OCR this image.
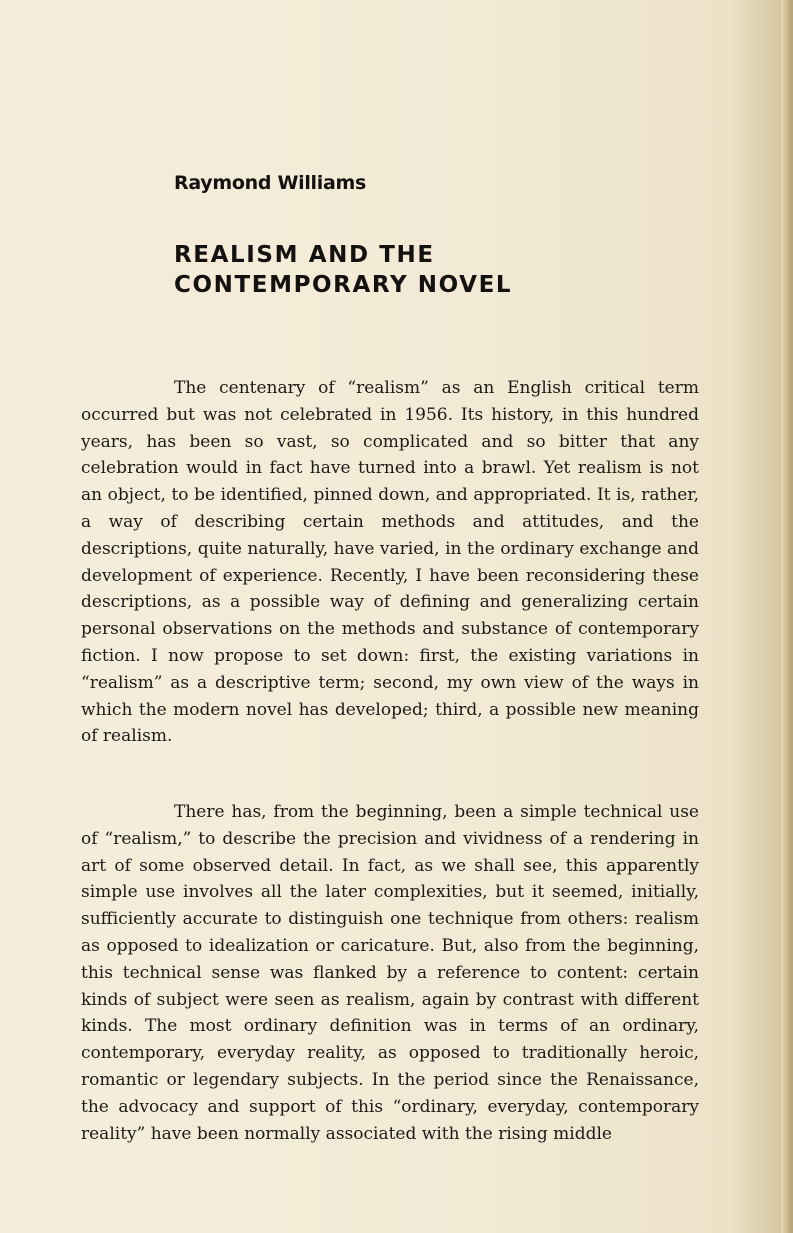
Raymond Williams
REALISM AND THE
CONTEMPORARY NOVEL

The centenary of “realism” as an English critical term occurred but was not celebrated in 1956. Its history, in this hundred years, has been so vast, so complicated and so bitter that any celebration would in fact have turned into a brawl. Yet realism is not an object, to be identified, pinned down, and appropriated. It is, rather, a way of describing certain methods and attitudes, and the descriptions, quite naturally, have varied, in the ordinary exchange and development of experience. Recently, I have been reconsidering these descriptions, as a possible way of defining and generalizing certain personal observations on the methods and substance of contemporary fiction. I now propose to set down: first, the existing variations in “realism” as a descriptive term; second, my own view of the ways in which the modern novel has developed; third, a possible new meaning of realism.

There has, from the beginning, been a simple technical use of “realism,” to describe the precision and vividness of a rendering in art of some observed detail. In fact, as we shall see, this apparently simple use involves all the later complexities, but it seemed, initially, sufficiently accurate to distinguish one technique from others: realism as opposed to idealization or caricature. But, also from the beginning, this technical sense was flanked by a reference to content: certain kinds of subject were seen as realism, again by contrast with different kinds. The most ordinary definition was in terms of an ordinary, contemporary, everyday reality, as opposed to traditionally heroic, romantic or legendary subjects. In the period since the Renaissance, the advocacy and support of this “ordinary, everyday, contemporary reality” have been normally associated with the rising middle
